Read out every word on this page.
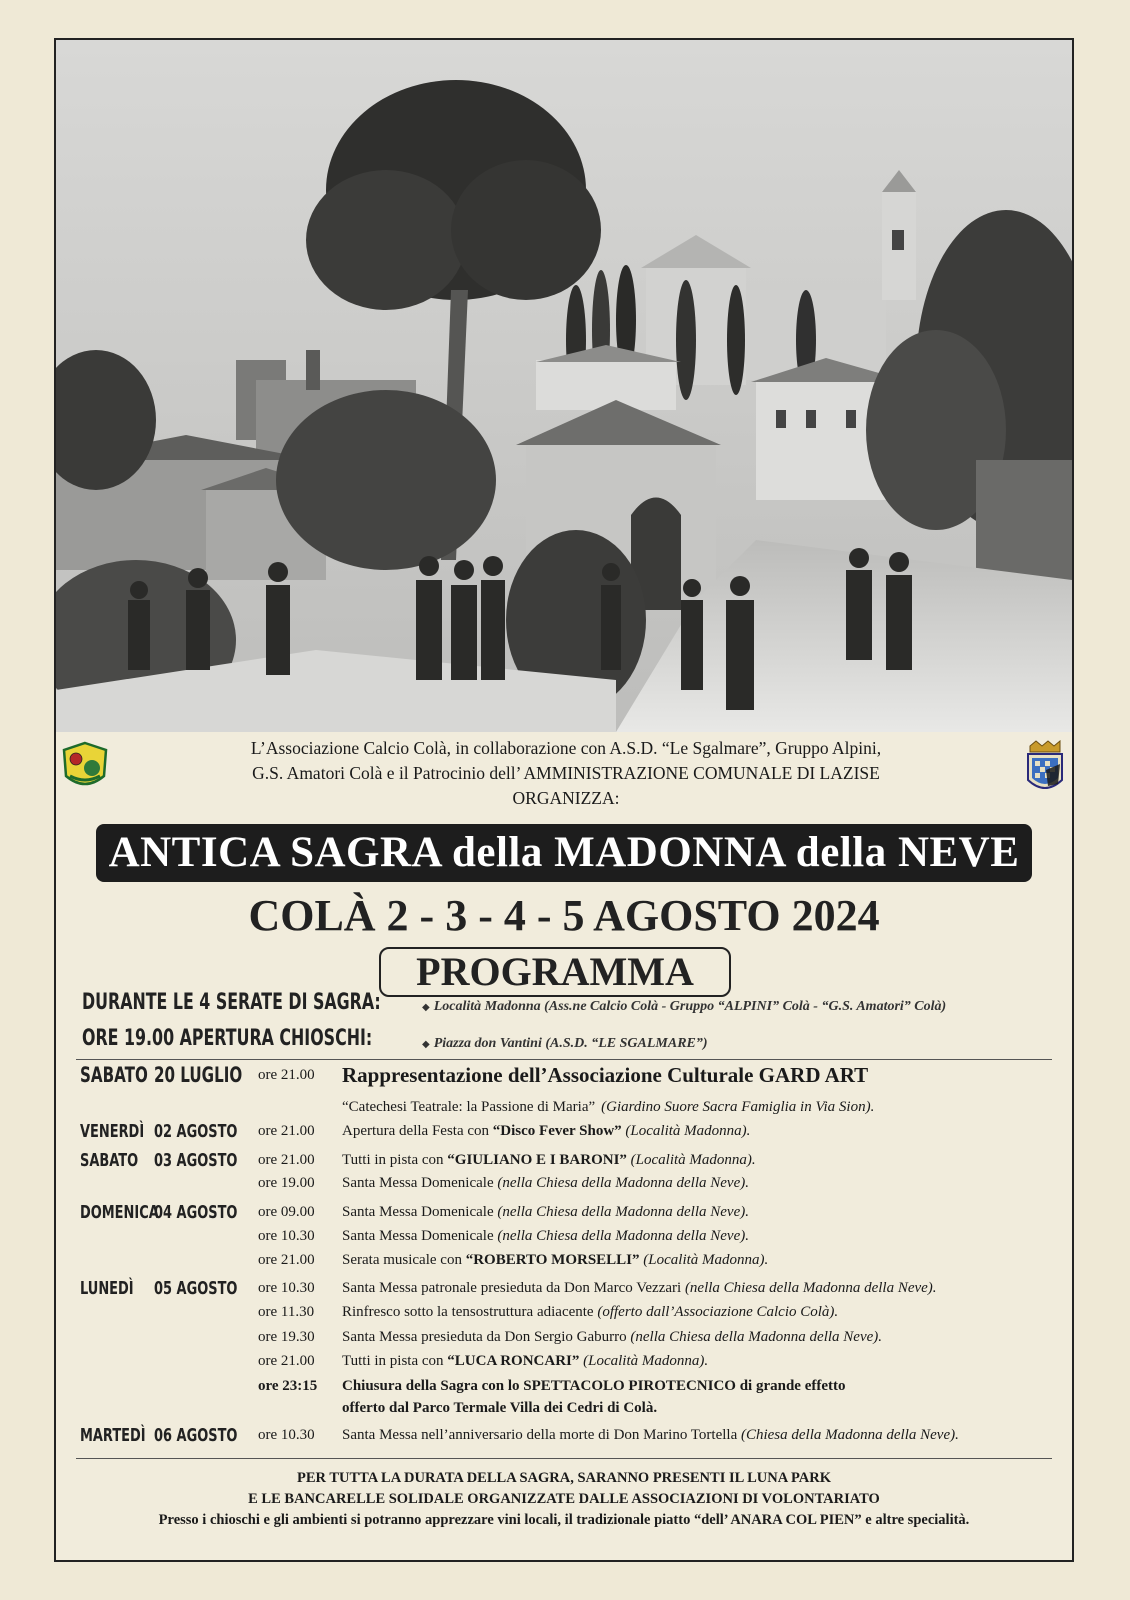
L’Associazione Calcio Colà, in collaborazione con A.S.D. “Le Sgalmare”, Gruppo Alpini,
G.S. Amatori Colà e il Patrocinio dell’ AMMINISTRAZIONE COMUNALE DI LAZISE
ORGANIZZA:
ANTICA SAGRA della MADONNA della NEVE
COLÀ 2 - 3 - 4 - 5 AGOSTO 2024
PROGRAMMA
DURANTE LE 4 SERATE DI SAGRA:
ORE 19.00 APERTURA CHIOSCHI:
◆ Località Madonna (Ass.ne Calcio Colà - Gruppo “ALPINI” Colà - “G.S. Amatori” Colà)
◆ Piazza don Vantini (A.S.D. “LE SGALMARE”)
SABATO 20 LUGLIO ore 21.00 Rappresentazione dell’Associazione Culturale GARD ART
“Catechesi Teatrale: la Passione di Maria” (Giardino Suore Sacra Famiglia in Via Sion).
VENERDÌ 02 AGOSTO ore 21.00 Apertura della Festa con “Disco Fever Show” (Località Madonna).
SABATO 03 AGOSTO ore 21.00 Tutti in pista con “GIULIANO E I BARONI” (Località Madonna).
ore 19.00 Santa Messa Domenicale (nella Chiesa della Madonna della Neve).
DOMENICA
04 AGOSTO ore 09.00 Santa Messa Domenicale (nella Chiesa della Madonna della Neve).
ore 10.30 Santa Messa Domenicale (nella Chiesa della Madonna della Neve).
ore 21.00 Serata musicale con “ROBERTO MORSELLI” (Località Madonna).
LUNEDÌ 05 AGOSTO ore 10.30 Santa Messa patronale presieduta da Don Marco Vezzari (nella Chiesa della Madonna della Neve).
ore 11.30 Rinfresco sotto la tensostruttura adiacente (offerto dall’Associazione Calcio Colà).
ore 19.30 Santa Messa presieduta da Don Sergio Gaburro (nella Chiesa della Madonna della Neve).
ore 21.00 Tutti in pista con “LUCA RONCARI” (Località Madonna).
ore 23:15 Chiusura della Sagra con lo SPETTACOLO PIROTECNICO di grande effetto
offerto dal Parco Termale Villa dei Cedri di Colà.
MARTEDÌ 06 AGOSTO ore 10.30 Santa Messa nell’anniversario della morte di Don Marino Tortella (Chiesa della Madonna della Neve).
PER TUTTA LA DURATA DELLA SAGRA, SARANNO PRESENTI IL LUNA PARK
E LE BANCARELLE SOLIDALE ORGANIZZATE DALLE ASSOCIAZIONI DI VOLONTARIATO
Presso i chioschi e gli ambienti si potranno apprezzare vini locali, il tradizionale piatto “dell’ ANARA COL PIEN” e altre specialità.
